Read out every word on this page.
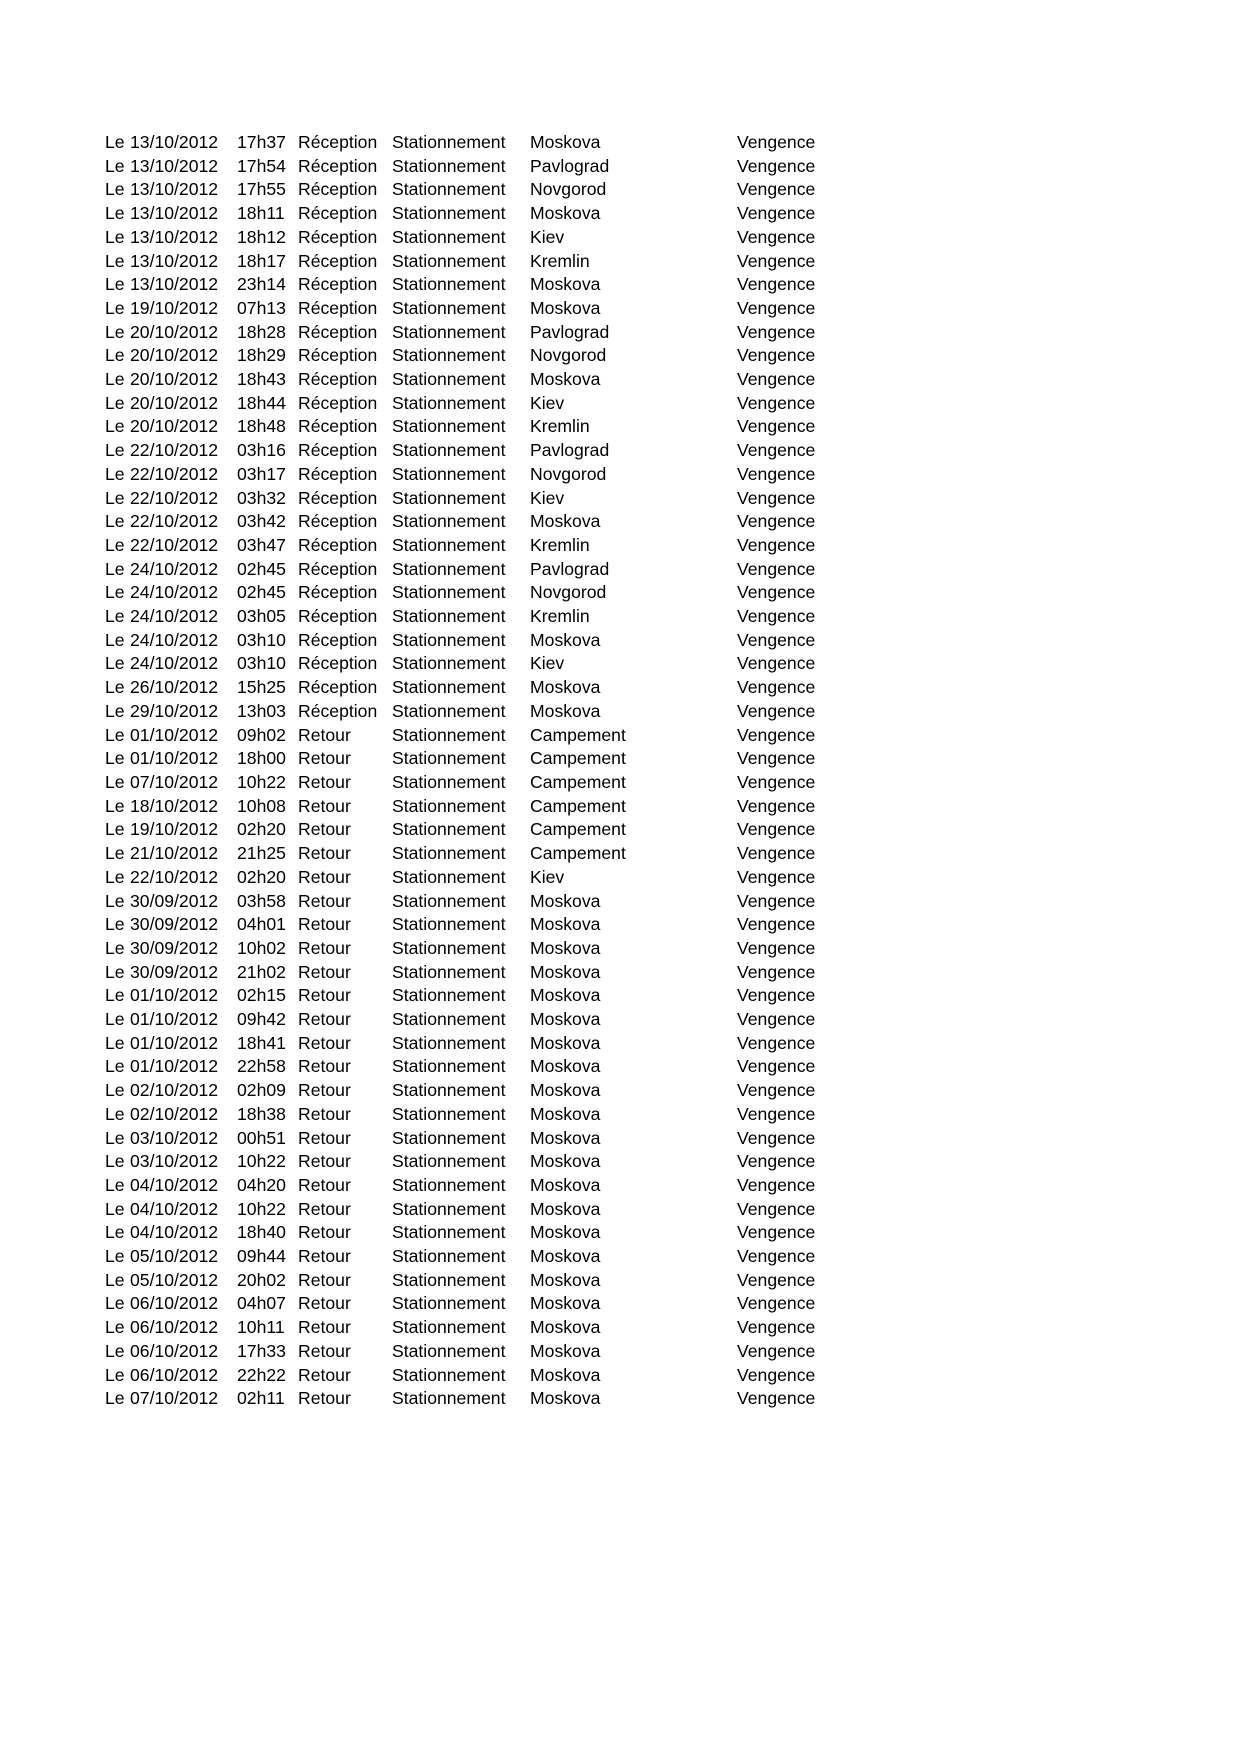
Le	13/10/2012	17h37	Réception	Stationnement	Moskova	Vengence
Le	13/10/2012	17h54	Réception	Stationnement	Pavlograd	Vengence
Le	13/10/2012	17h55	Réception	Stationnement	Novgorod	Vengence
Le	13/10/2012	18h11	Réception	Stationnement	Moskova	Vengence
Le	13/10/2012	18h12	Réception	Stationnement	Kiev	Vengence
Le	13/10/2012	18h17	Réception	Stationnement	Kremlin	Vengence
Le	13/10/2012	23h14	Réception	Stationnement	Moskova	Vengence
Le	19/10/2012	07h13	Réception	Stationnement	Moskova	Vengence
Le	20/10/2012	18h28	Réception	Stationnement	Pavlograd	Vengence
Le	20/10/2012	18h29	Réception	Stationnement	Novgorod	Vengence
Le	20/10/2012	18h43	Réception	Stationnement	Moskova	Vengence
Le	20/10/2012	18h44	Réception	Stationnement	Kiev	Vengence
Le	20/10/2012	18h48	Réception	Stationnement	Kremlin	Vengence
Le	22/10/2012	03h16	Réception	Stationnement	Pavlograd	Vengence
Le	22/10/2012	03h17	Réception	Stationnement	Novgorod	Vengence
Le	22/10/2012	03h32	Réception	Stationnement	Kiev	Vengence
Le	22/10/2012	03h42	Réception	Stationnement	Moskova	Vengence
Le	22/10/2012	03h47	Réception	Stationnement	Kremlin	Vengence
Le	24/10/2012	02h45	Réception	Stationnement	Pavlograd	Vengence
Le	24/10/2012	02h45	Réception	Stationnement	Novgorod	Vengence
Le	24/10/2012	03h05	Réception	Stationnement	Kremlin	Vengence
Le	24/10/2012	03h10	Réception	Stationnement	Moskova	Vengence
Le	24/10/2012	03h10	Réception	Stationnement	Kiev	Vengence
Le	26/10/2012	15h25	Réception	Stationnement	Moskova	Vengence
Le	29/10/2012	13h03	Réception	Stationnement	Moskova	Vengence
Le	01/10/2012	09h02	Retour	Stationnement	Campement	Vengence
Le	01/10/2012	18h00	Retour	Stationnement	Campement	Vengence
Le	07/10/2012	10h22	Retour	Stationnement	Campement	Vengence
Le	18/10/2012	10h08	Retour	Stationnement	Campement	Vengence
Le	19/10/2012	02h20	Retour	Stationnement	Campement	Vengence
Le	21/10/2012	21h25	Retour	Stationnement	Campement	Vengence
Le	22/10/2012	02h20	Retour	Stationnement	Kiev	Vengence
Le	30/09/2012	03h58	Retour	Stationnement	Moskova	Vengence
Le	30/09/2012	04h01	Retour	Stationnement	Moskova	Vengence
Le	30/09/2012	10h02	Retour	Stationnement	Moskova	Vengence
Le	30/09/2012	21h02	Retour	Stationnement	Moskova	Vengence
Le	01/10/2012	02h15	Retour	Stationnement	Moskova	Vengence
Le	01/10/2012	09h42	Retour	Stationnement	Moskova	Vengence
Le	01/10/2012	18h41	Retour	Stationnement	Moskova	Vengence
Le	01/10/2012	22h58	Retour	Stationnement	Moskova	Vengence
Le	02/10/2012	02h09	Retour	Stationnement	Moskova	Vengence
Le	02/10/2012	18h38	Retour	Stationnement	Moskova	Vengence
Le	03/10/2012	00h51	Retour	Stationnement	Moskova	Vengence
Le	03/10/2012	10h22	Retour	Stationnement	Moskova	Vengence
Le	04/10/2012	04h20	Retour	Stationnement	Moskova	Vengence
Le	04/10/2012	10h22	Retour	Stationnement	Moskova	Vengence
Le	04/10/2012	18h40	Retour	Stationnement	Moskova	Vengence
Le	05/10/2012	09h44	Retour	Stationnement	Moskova	Vengence
Le	05/10/2012	20h02	Retour	Stationnement	Moskova	Vengence
Le	06/10/2012	04h07	Retour	Stationnement	Moskova	Vengence
Le	06/10/2012	10h11	Retour	Stationnement	Moskova	Vengence
Le	06/10/2012	17h33	Retour	Stationnement	Moskova	Vengence
Le	06/10/2012	22h22	Retour	Stationnement	Moskova	Vengence
Le	07/10/2012	02h11	Retour	Stationnement	Moskova	Vengence
